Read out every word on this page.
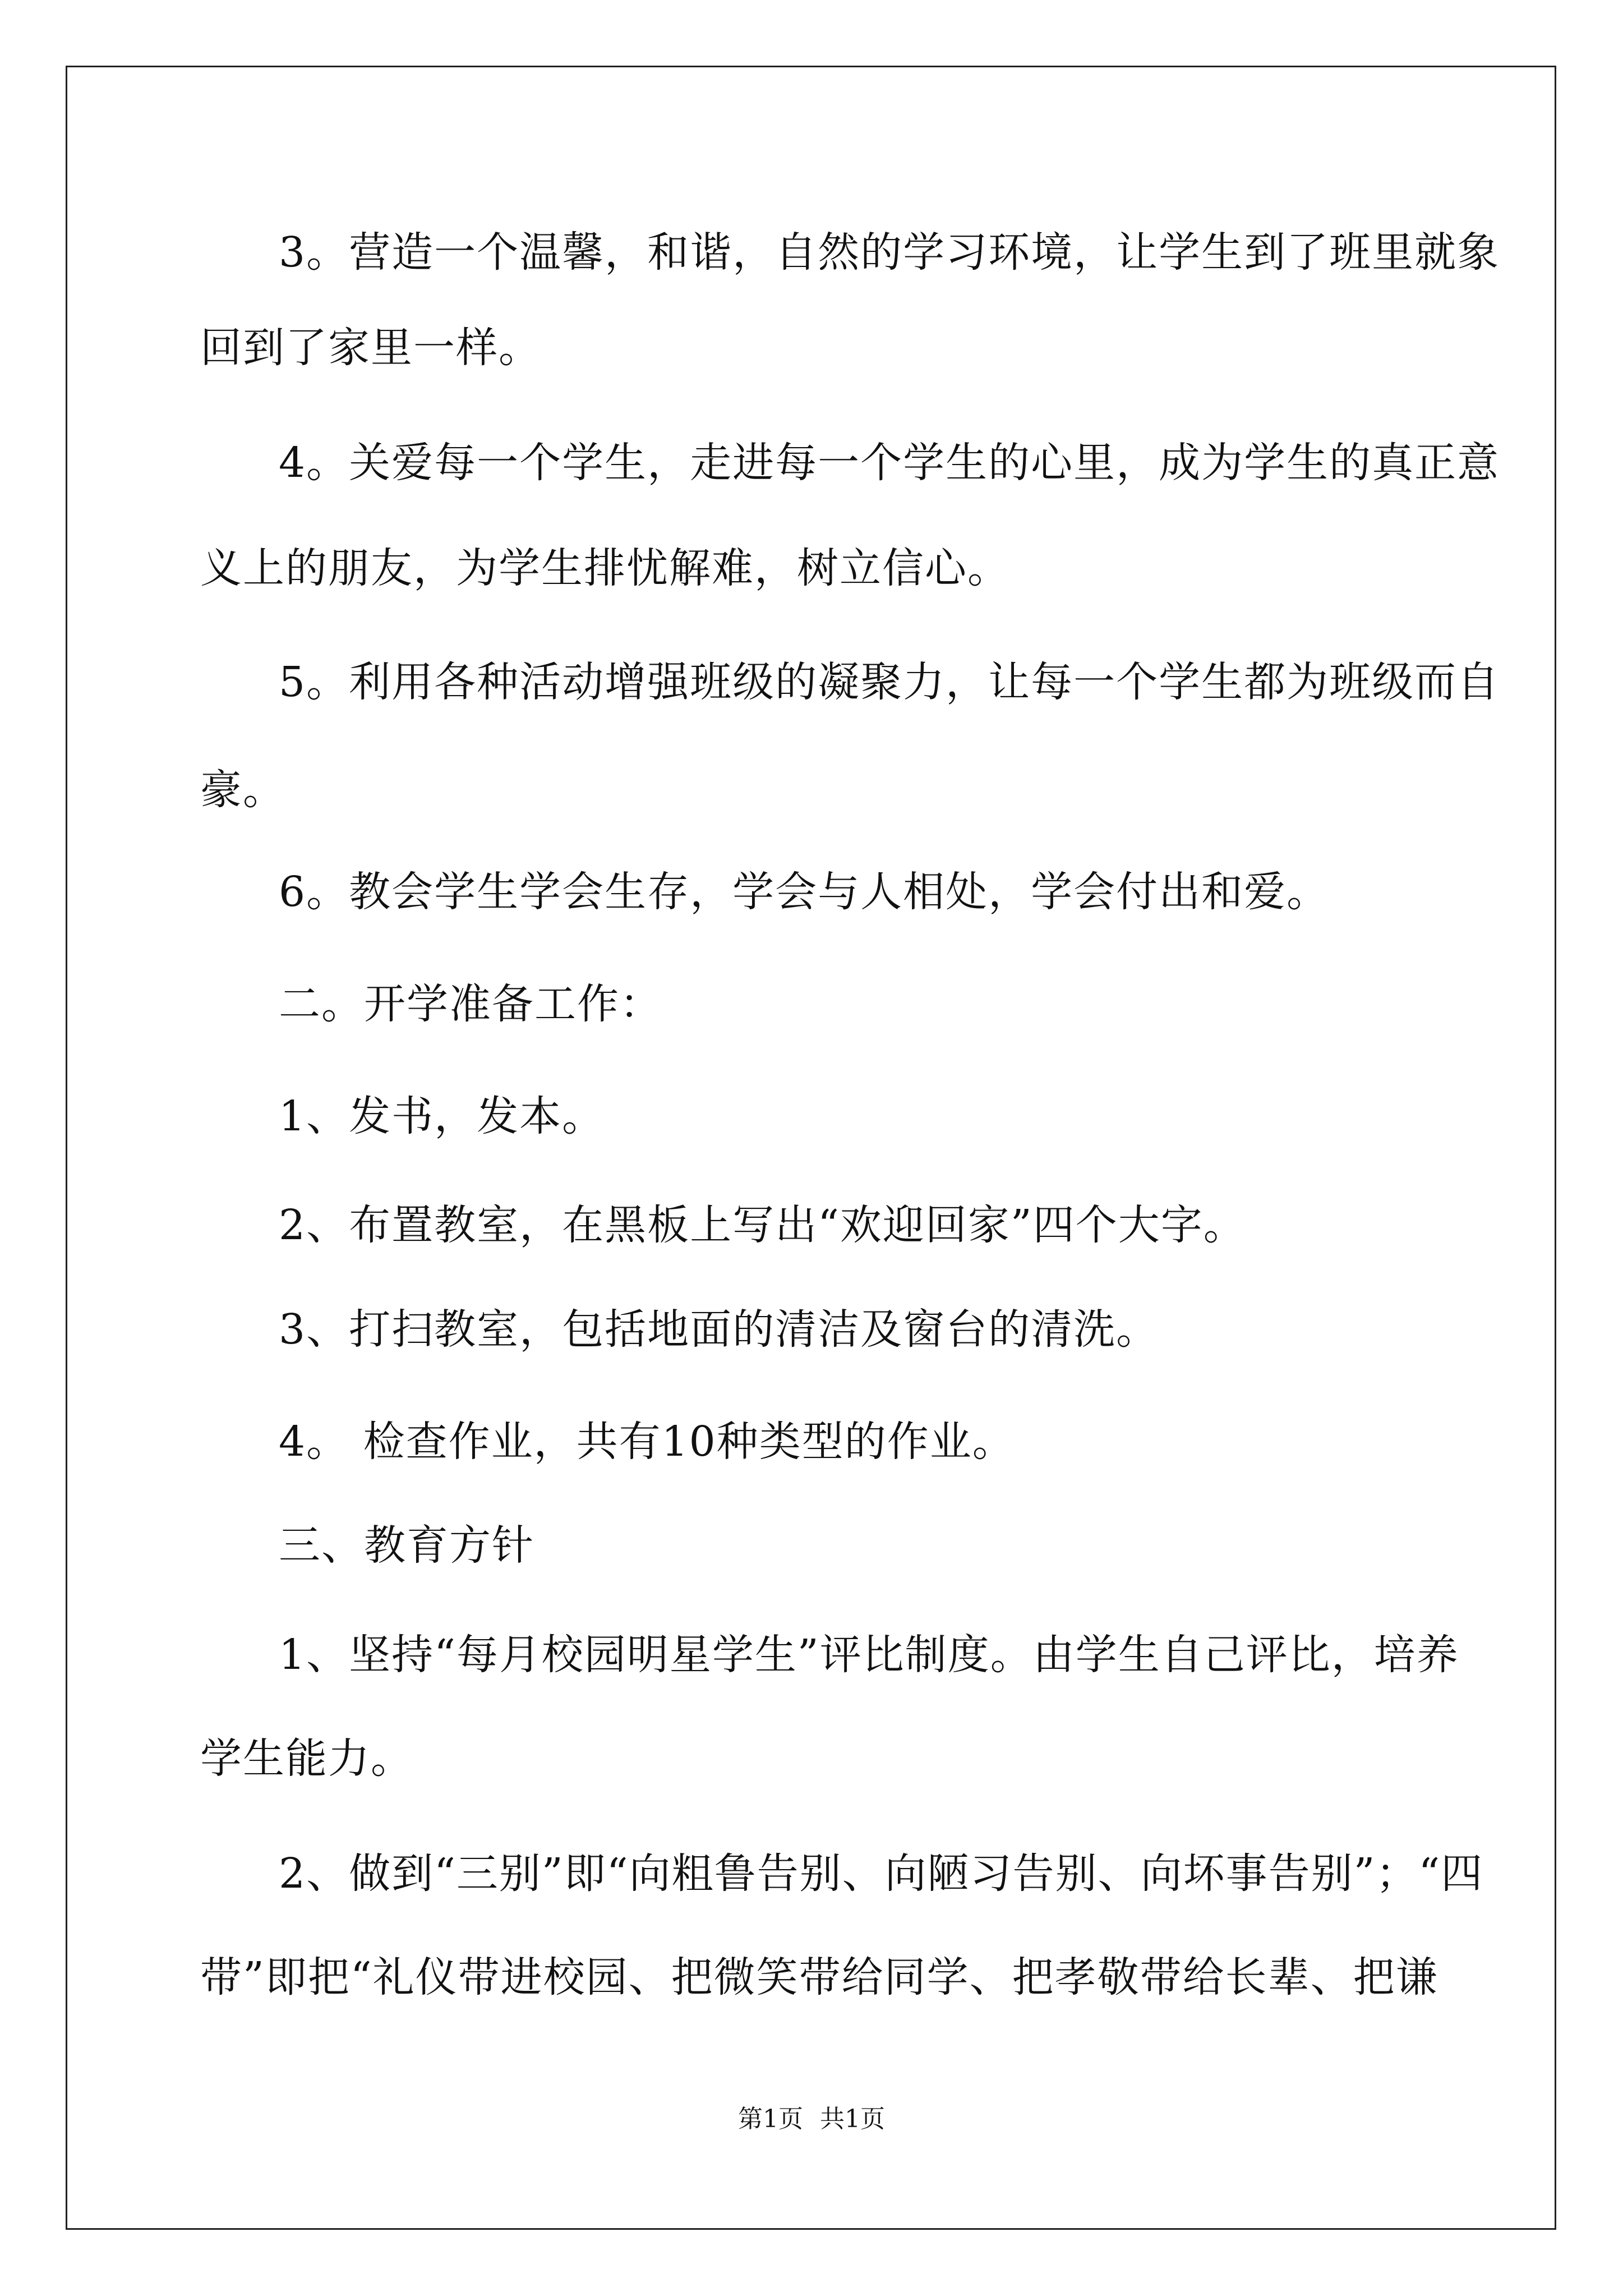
3。营造一个温馨，和谐，自然的学习环境，让学生到了班里就象

回到了家里一样。

4。关爱每一个学生，走进每一个学生的心里，成为学生的真正意

义上的朋友，为学生排忧解难，树立信心。

5。利用各种活动增强班级的凝聚力，让每一个学生都为班级而自

豪。

6。教会学生学会生存，学会与人相处，学会付出和爱。

二。开学准备工作：

1、发书，发本。

2、布置教室，在黑板上写出“欢迎回家”四个大字。

3、打扫教室，包括地面的清洁及窗台的清洗。

4。 检查作业，共有10种类型的作业。

三、教育方针

1、坚持“每月校园明星学生”评比制度。由学生自己评比，培养

学生能力。

2、做到“三别”即“向粗鲁告别、向陋习告别、向坏事告别”；“四

带”即把“礼仪带进校园、把微笑带给同学、把孝敬带给长辈、把谦

第1页 共1页
